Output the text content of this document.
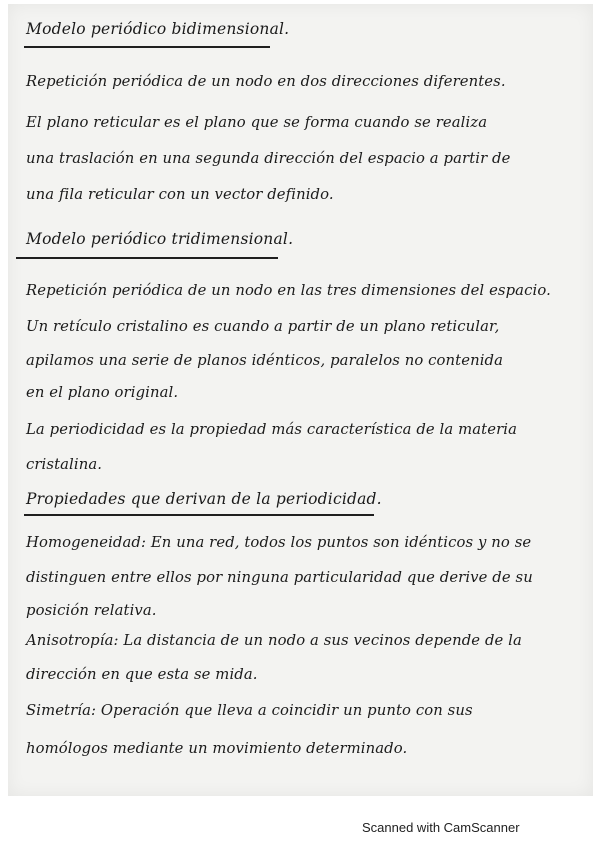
Modelo periódico bidimensional.
Repetición periódica de un nodo en dos direcciones diferentes.
El plano reticular es el plano que se forma cuando se realiza
una traslación en una segunda dirección del espacio a partir de
una fila reticular con un vector definido.
Modelo periódico tridimensional.
Repetición periódica de un nodo en las tres dimensiones del espacio.
Un retículo cristalino es cuando a partir de un plano reticular,
apilamos una serie de planos idénticos, paralelos no contenida
en el plano original.
La periodicidad es la propiedad más característica de la materia
cristalina.
Propiedades que derivan de la periodicidad.
Homogeneidad: En una red, todos los puntos son idénticos y no se
distinguen entre ellos por ninguna particularidad que derive de su
posición relativa.
Anisotropía: La distancia de un nodo a sus vecinos depende de la
dirección en que esta se mida.
Simetría: Operación que lleva a coincidir un punto con sus
homólogos mediante un movimiento determinado.
Scanned with CamScanner
